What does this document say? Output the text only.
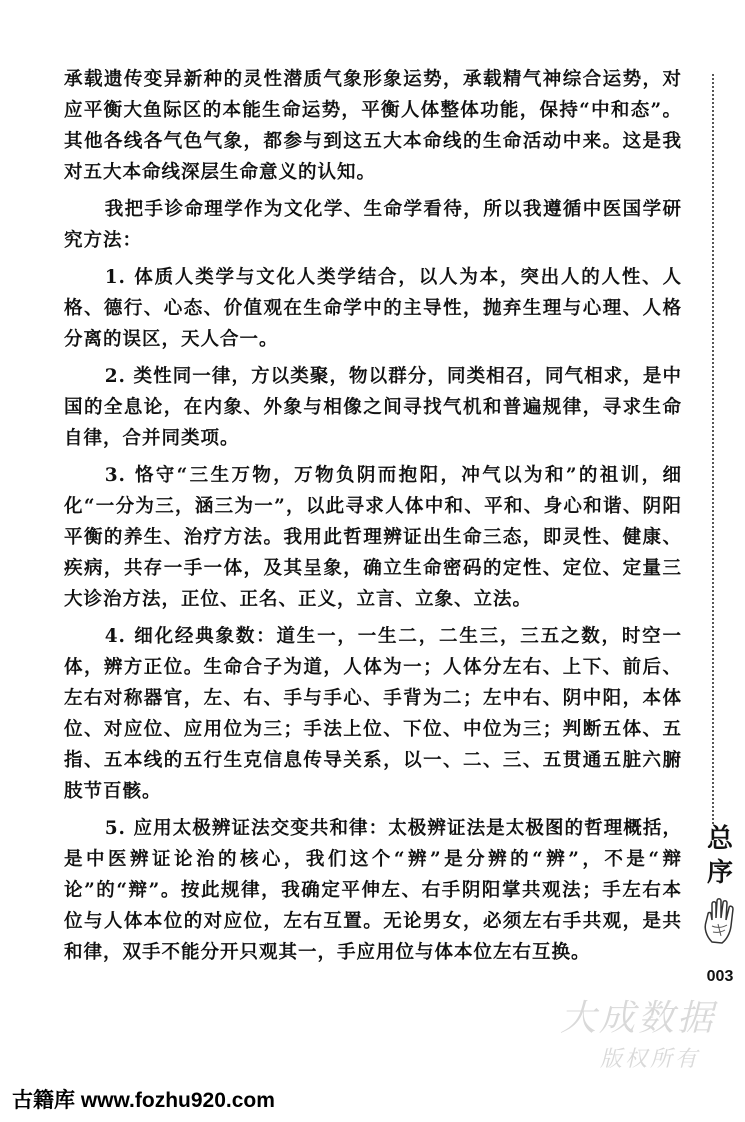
承载遗传变异新种的灵性潜质气象形象运势，承载精气神综合运势，对应平衡大鱼际区的本能生命运势，平衡人体整体功能，保持“中和态”。其他各线各气色气象，都参与到这五大本命线的生命活动中来。这是我对五大本命线深层生命意义的认知。

我把手诊命理学作为文化学、生命学看待，所以我遵循中医国学研究方法：

1. 体质人类学与文化人类学结合，以人为本，突出人的人性、人格、德行、心态、价值观在生命学中的主导性，抛弃生理与心理、人格分离的误区，天人合一。

2. 类性同一律，方以类聚，物以群分，同类相召，同气相求，是中国的全息论，在内象、外象与相像之间寻找气机和普遍规律，寻求生命自律，合并同类项。

3. 恪守“三生万物，万物负阴而抱阳，冲气以为和”的祖训，细化“一分为三，涵三为一”，以此寻求人体中和、平和、身心和谐、阴阳平衡的养生、治疗方法。我用此哲理辨证出生命三态，即灵性、健康、疾病，共存一手一体，及其呈象，确立生命密码的定性、定位、定量三大诊治方法，正位、正名、正义，立言、立象、立法。

4. 细化经典象数：道生一，一生二，二生三，三五之数，时空一体，辨方正位。生命合子为道，人体为一；人体分左右、上下、前后、左右对称器官，左、右、手与手心、手背为二；左中右、阴中阳，本体位、对应位、应用位为三；手法上位、下位、中位为三；判断五体、五指、五本线的五行生克信息传导关系，以一、二、三、五贯通五脏六腑肢节百骸。

5. 应用太极辨证法交变共和律：太极辨证法是太极图的哲理概括，是中医辨证论治的核心，我们这个“辨”是分辨的“辨”，不是“辩论”的“辩”。按此规律，我确定平伸左、右手阴阳掌共观法；手左右本位与人体本位的对应位，左右互置。无论男女，必须左右手共观，是共和律，双手不能分开只观其一，手应用位与体本位左右互换。

总
序
003
大成数据
版权所有
古籍库 www.fozhu920.com
